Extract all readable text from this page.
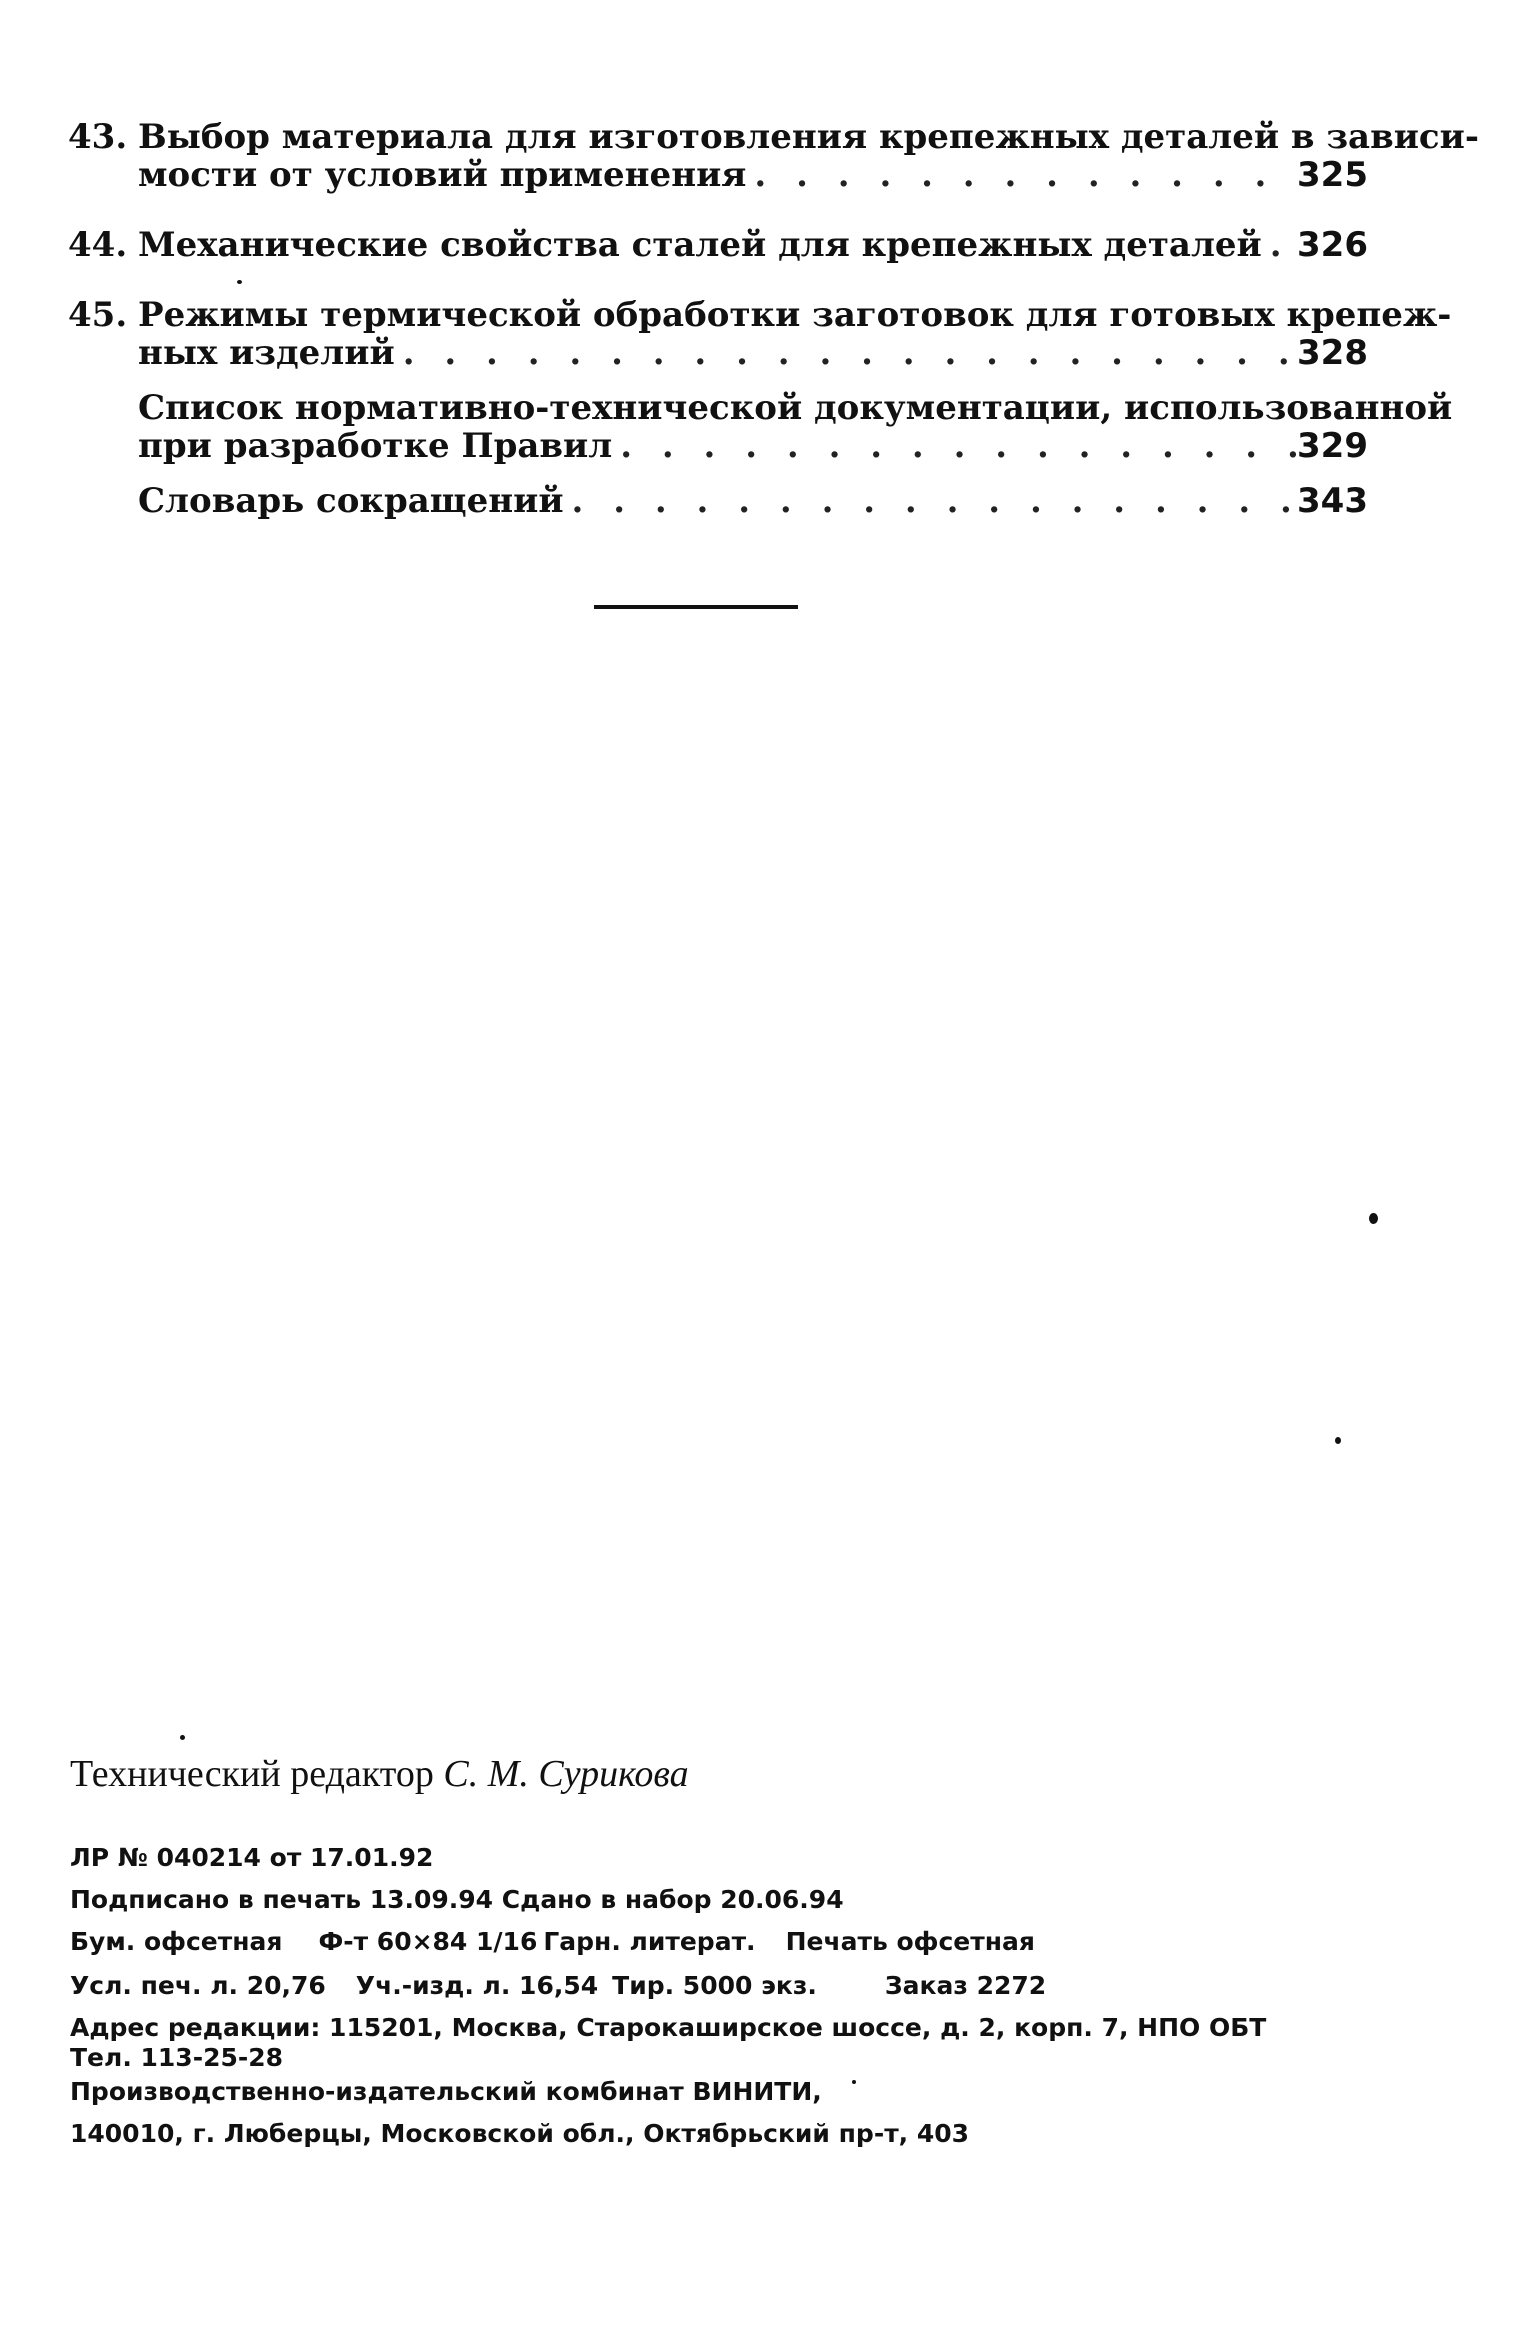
43. Выбор материала для изготовления крепежных деталей в зависи-
мости от условий применения . . .	325
44. Механические свойства сталей для крепежных деталей . . . 326
45. Режимы термической обработки заготовок для готовых крепеж-
ных изделий . . .	328
Список нормативно-технической документации, использованной
при разработке Правил . . .	329
Словарь сокращений . . .	343
Технический редактор С. М. Сурикова
ЛР № 040214 от 17.01.92
Подписано в печать 13.09.94 Сдано в набор 20.06.94
Бум. офсетная Ф-т 60×84 1/16 Гарн. литерат. Печать офсетная
Усл. печ. л. 20,76 Уч.-изд. л. 16,54 Тир. 5000 экз.	Заказ 2272
Адрес редакции: 115201, Москва, Старокаширское шоссе, д. 2, корп. 7, НПО ОБТ
Тел. 113-25-28
Производственно-издательский комбинат ВИНИТИ,
140010, г. Люберцы, Московской обл., Октябрьский пр-т, 403
